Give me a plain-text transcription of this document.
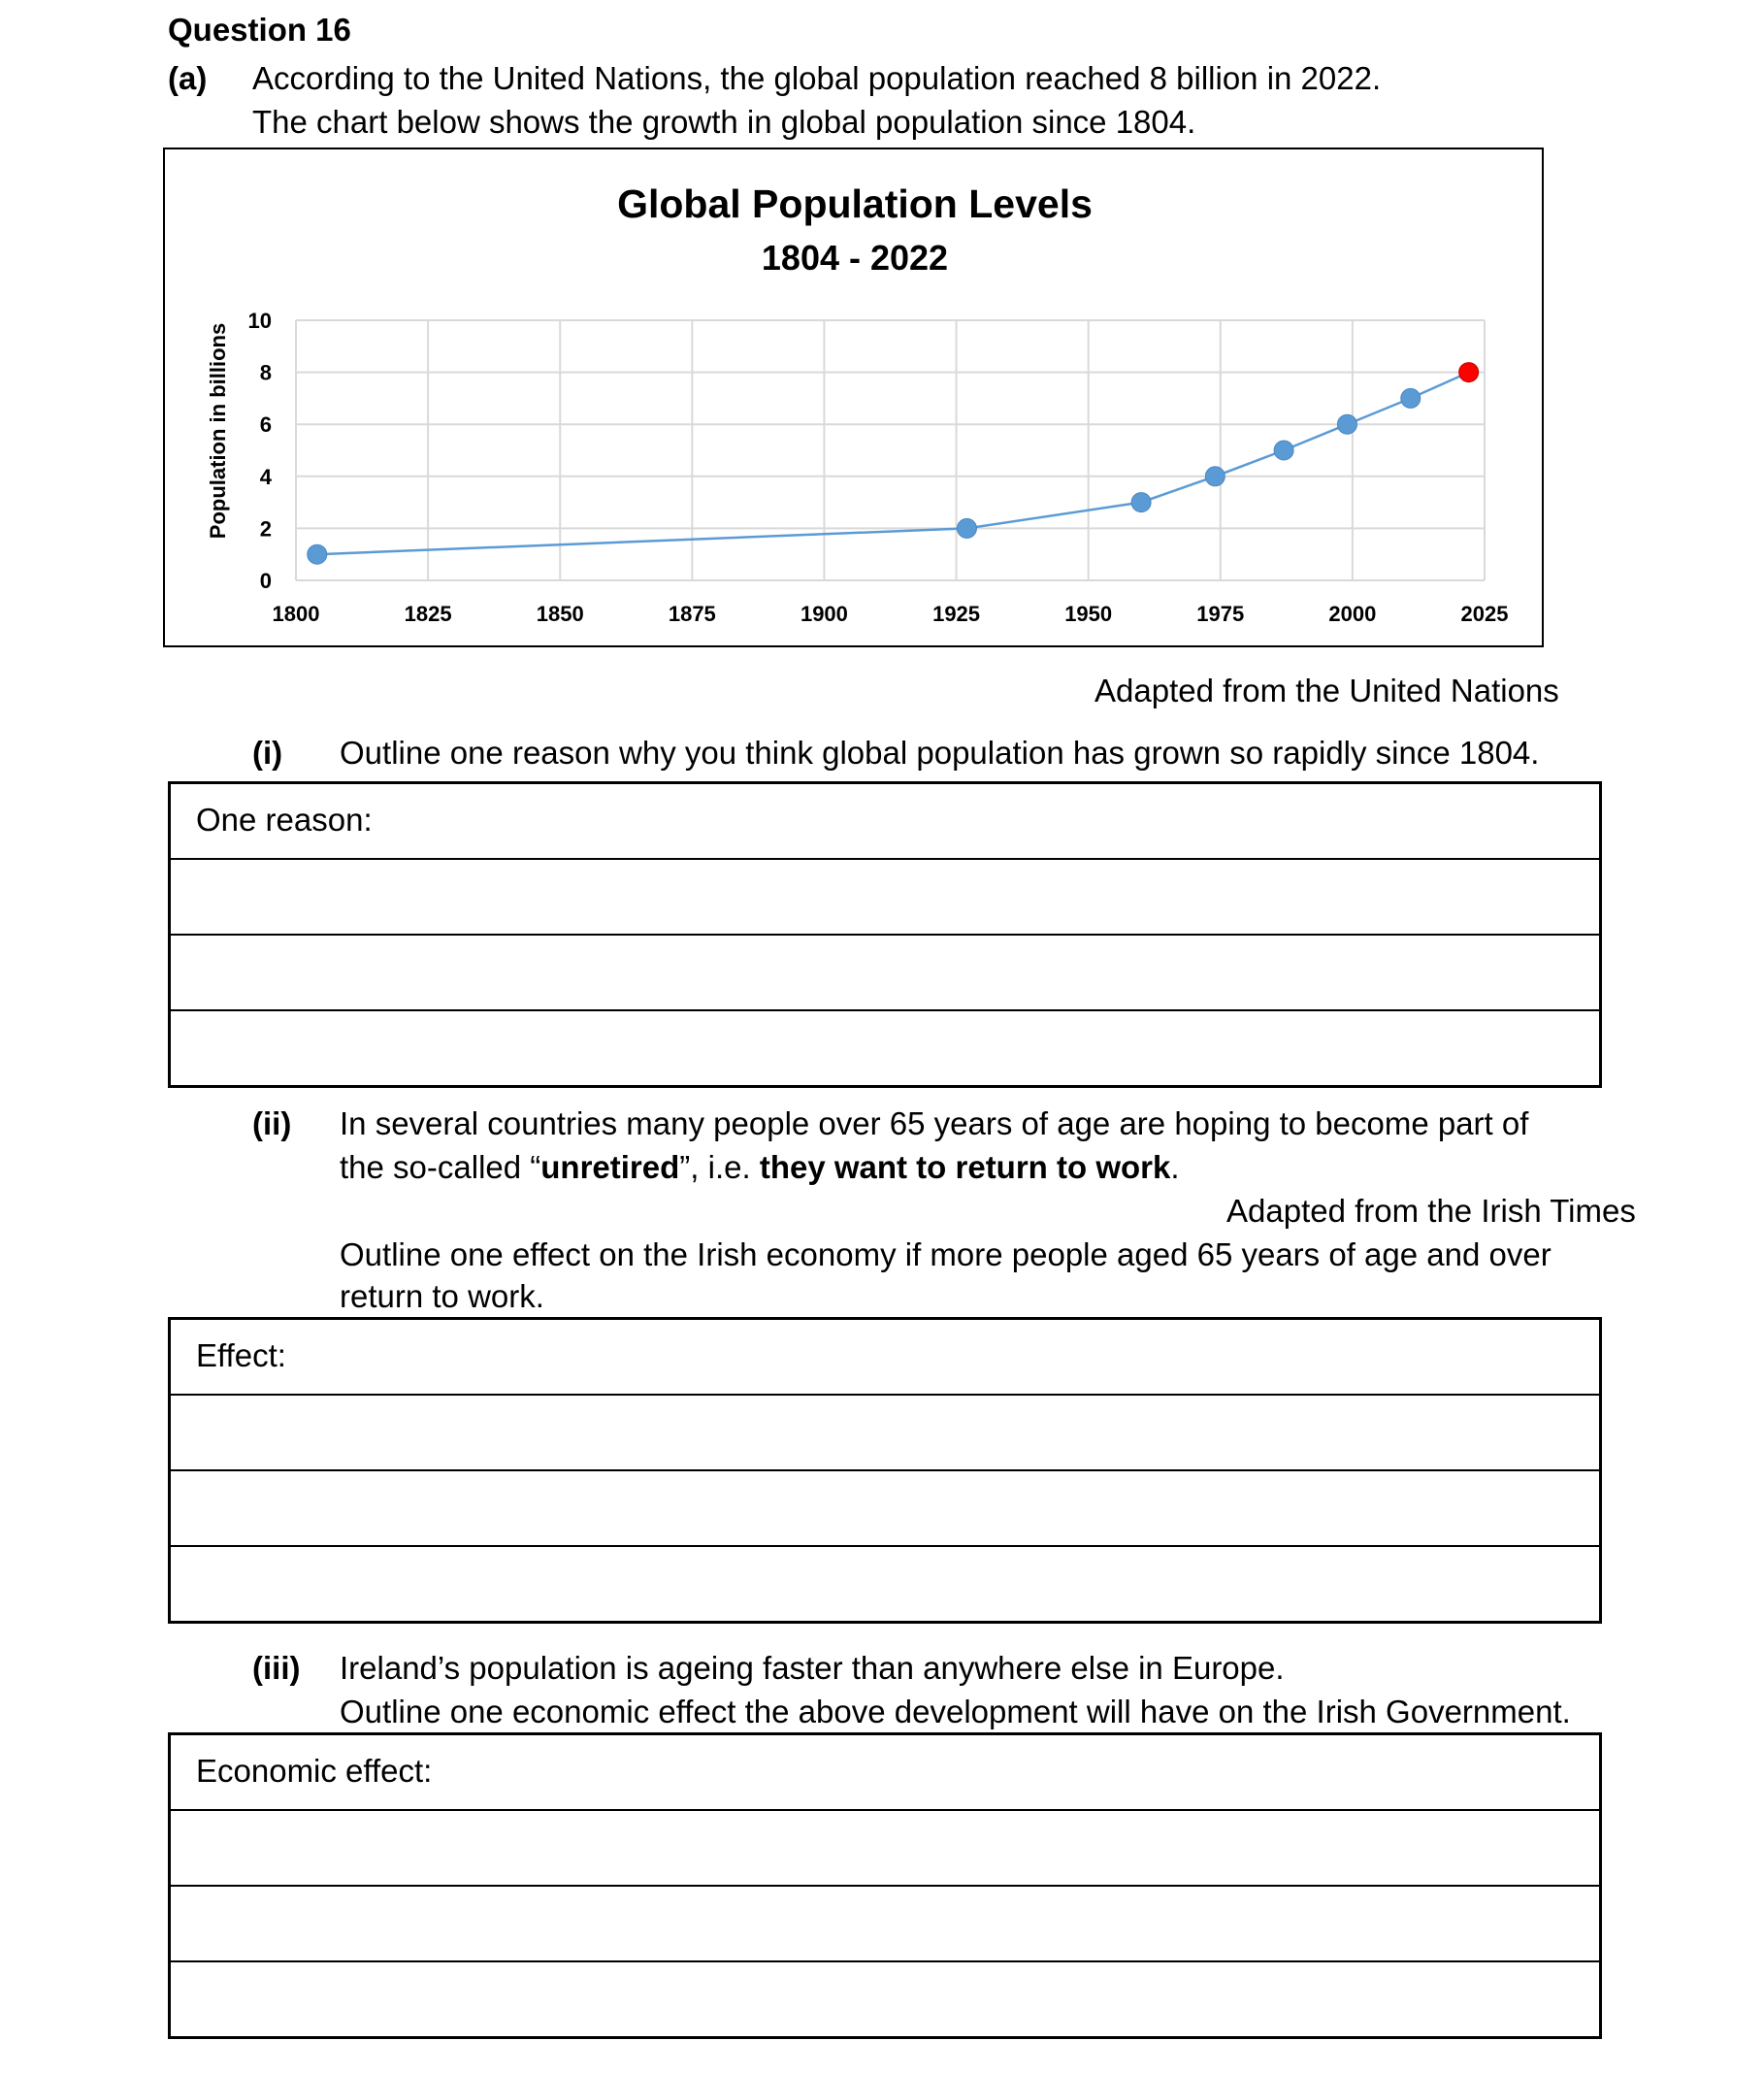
Question 16
(a) According to the United Nations, the global population reached 8 billion in 2022.
The chart below shows the growth in global population since 1804.
Global Population Levels
1804 - 2022
Population in billions
0
2
4
6
8
10
1800	1825	1850	1875	1900	1925	1950	1975	2000	2025
Adapted from the United Nations
(i) Outline one reason why you think global population has grown so rapidly since 1804.
One reason:
(ii) In several countries many people over 65 years of age are hoping to become part of
the so-called “unretired”, i.e. they want to return to work.
Adapted from the Irish Times
Outline one effect on the Irish economy if more people aged 65 years of age and over
return to work.
Effect:
(iii) Ireland’s population is ageing faster than anywhere else in Europe.
Outline one economic effect the above development will have on the Irish Government.
Economic effect:
